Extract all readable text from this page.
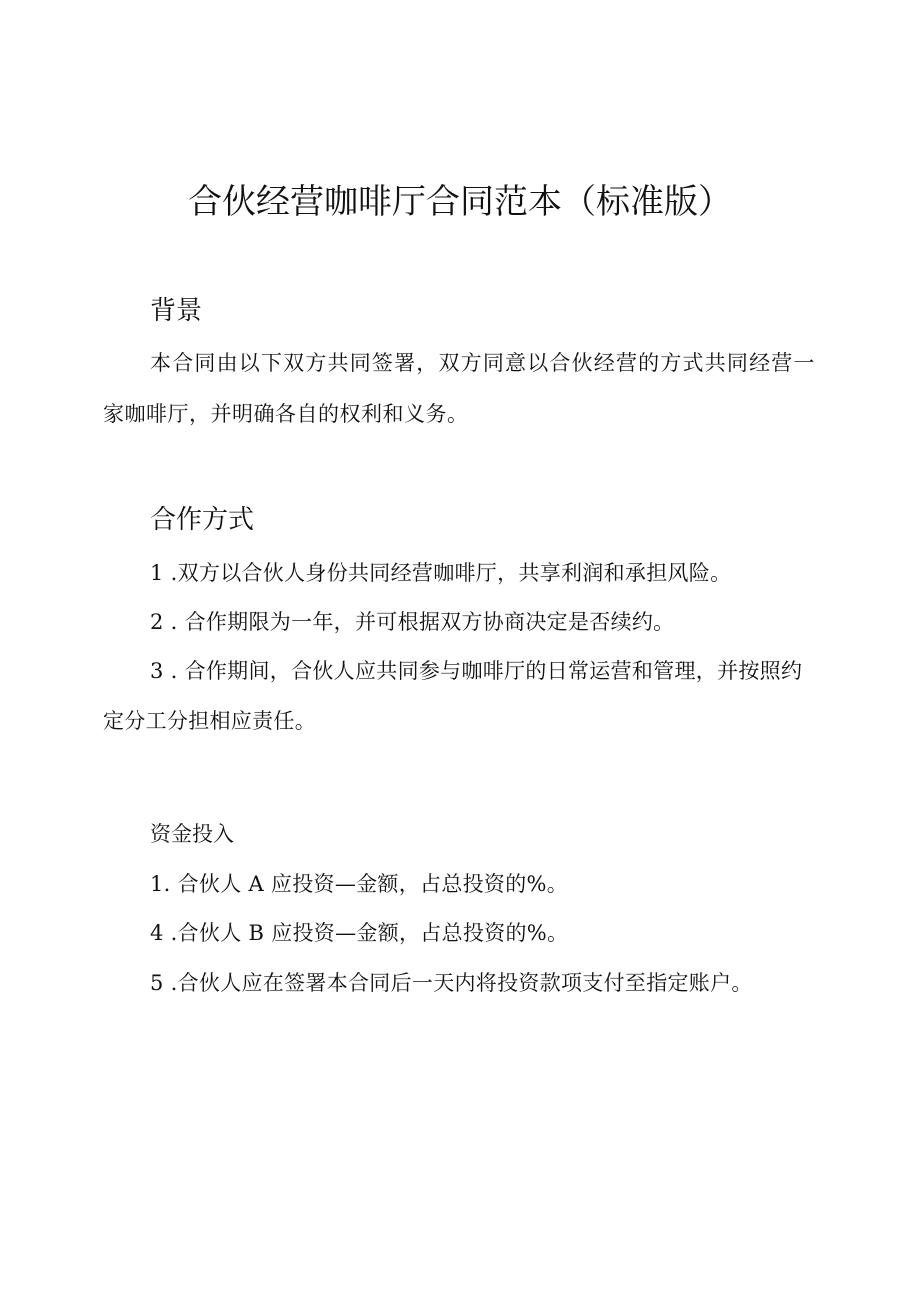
合伙经营咖啡厅合同范本（标准版）
背景

本合同由以下双方共同签署，双方同意以合伙经营的方式共同经营一家咖啡厅，并明确各自的权利和义务。

合作方式

1 .双方以合伙人身份共同经营咖啡厅，共享利润和承担风险。

2 . 合作期限为一年，并可根据双方协商决定是否续约。

3 . 合作期间，合伙人应共同参与咖啡厅的日常运营和管理，并按照约定分工分担相应责任。

资金投入

1. 合伙人 A 应投资—金额，占总投资的%。

4 .合伙人 B 应投资—金额，占总投资的%。

5 .合伙人应在签署本合同后一天内将投资款项支付至指定账户。
